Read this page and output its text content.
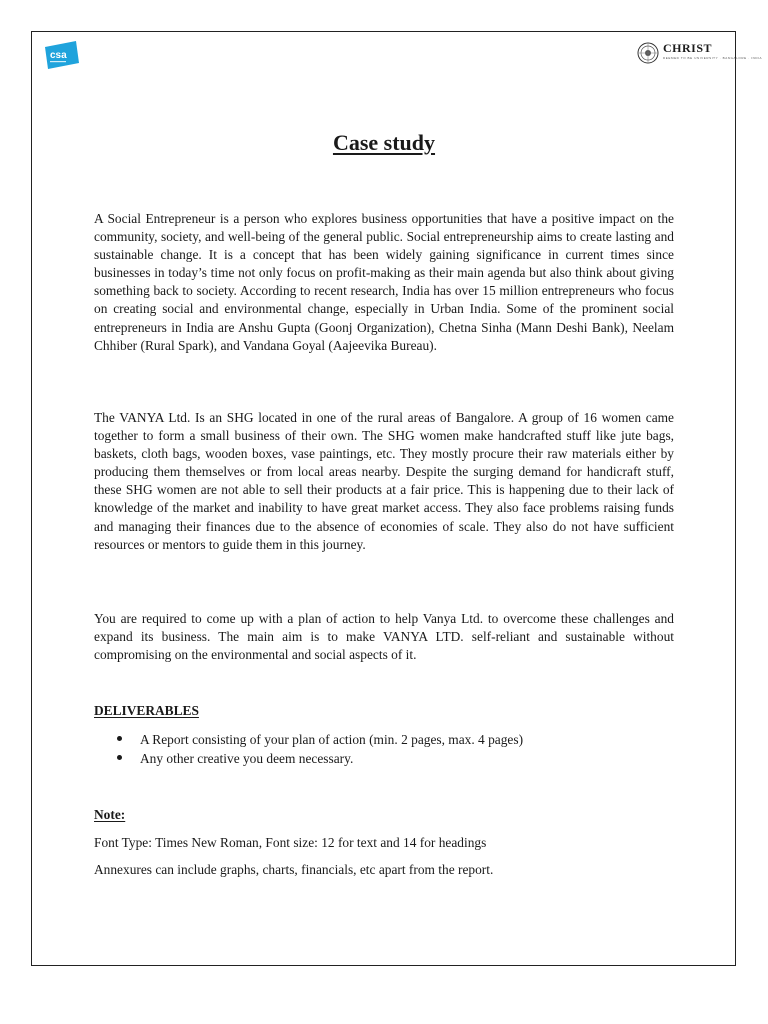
csa
CHRIST
DEEMED TO BE UNIVERSITY · BANGALORE · INDIA
Case study

A Social Entrepreneur is a person who explores business opportunities that have a positive impact on the community, society, and well-being of the general public. Social entrepreneurship aims to create lasting and sustainable change. It is a concept that has been widely gaining significance in current times since businesses in today’s time not only focus on profit-making as their main agenda but also think about giving something back to society. According to recent research, India has over 15 million entrepreneurs who focus on creating social and environmental change, especially in Urban India. Some of the prominent social entrepreneurs in India are Anshu Gupta (Goonj Organization), Chetna Sinha (Mann Deshi Bank), Neelam Chhiber (Rural Spark), and Vandana Goyal (Aajeevika Bureau).

The VANYA Ltd. Is an SHG located in one of the rural areas of Bangalore. A group of 16 women came together to form a small business of their own. The SHG women make handcrafted stuff like jute bags, baskets, cloth bags, wooden boxes, vase paintings, etc. They mostly procure their raw materials either by producing them themselves or from local areas nearby. Despite the surging demand for handicraft stuff, these SHG women are not able to sell their products at a fair price. This is happening due to their lack of knowledge of the market and inability to have great market access. They also face problems raising funds and managing their finances due to the absence of economies of scale. They also do not have sufficient resources or mentors to guide them in this journey.

You are required to come up with a plan of action to help Vanya Ltd. to overcome these challenges and expand its business. The main aim is to make VANYA LTD. self-reliant and sustainable without compromising on the environmental and social aspects of it.

DELIVERABLES
A Report consisting of your plan of action (min. 2 pages, max. 4 pages)
Any other creative you deem necessary.
Note:
Font Type: Times New Roman, Font size: 12 for text and 14 for headings
Annexures can include graphs, charts, financials, etc apart from the report.
